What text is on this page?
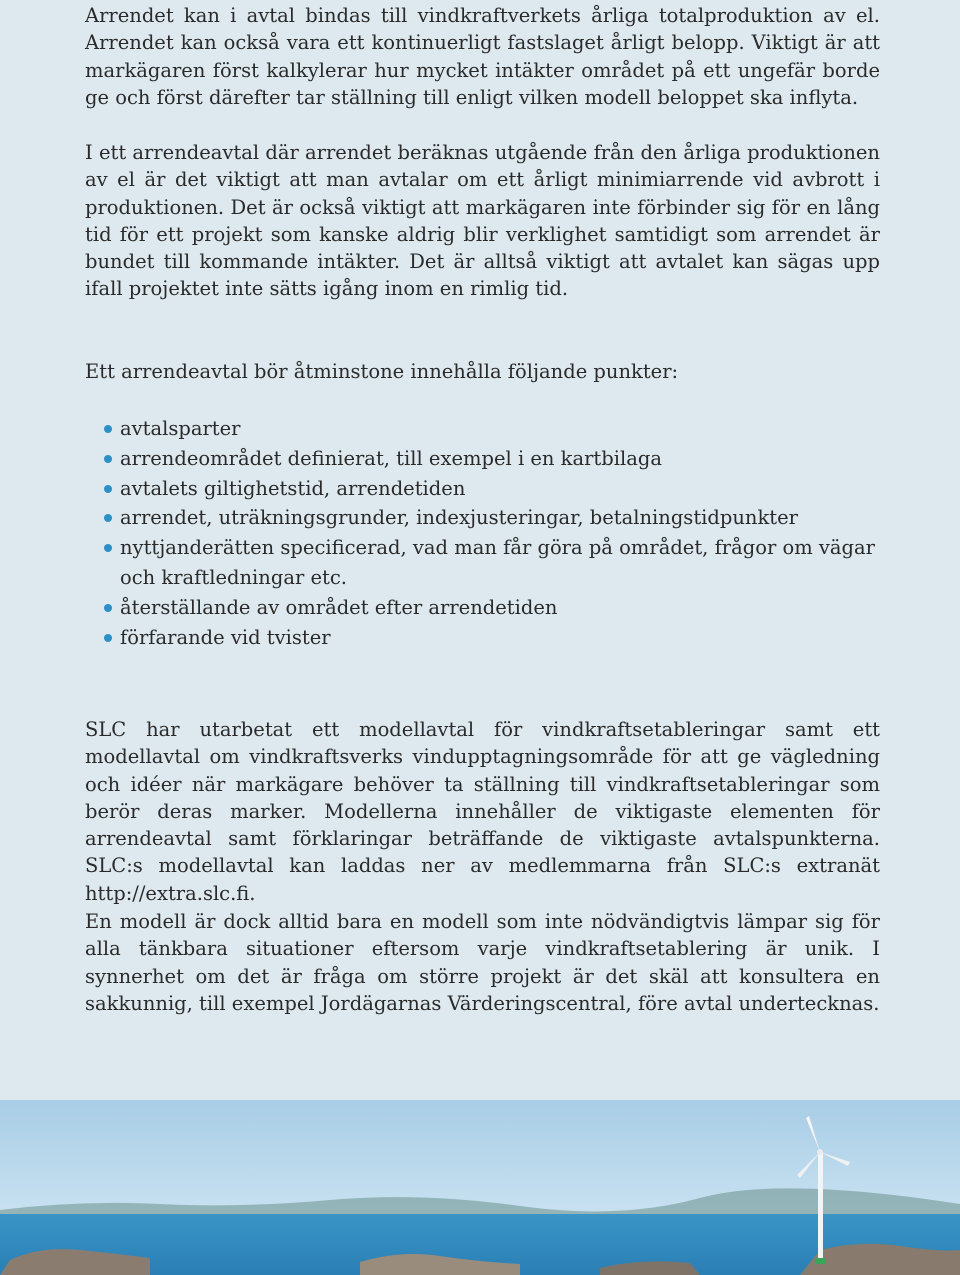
Arrendet kan i avtal bindas till vindkraftverkets årliga totalproduktion av el. Arrendet kan också vara ett kontinuerligt fastslaget årligt belopp. Viktigt är att markägaren först kalkylerar hur mycket intäkter området på ett ungefär borde ge och först därefter tar ställning till enligt vilken modell beloppet ska inflyta.

I ett arrendeavtal där arrendet beräknas utgående från den årliga produktionen av el är det viktigt att man avtalar om ett årligt minimiarrende vid avbrott i produktionen. Det är också viktigt att markägaren inte förbinder sig för en lång tid för ett projekt som kanske aldrig blir verklighet samtidigt som arrendet är bundet till kommande intäkter. Det är alltså viktigt att avtalet kan sägas upp ifall projektet inte sätts igång inom en rimlig tid.

Ett arrendeavtal bör åtminstone innehålla följande punkter:

avtalsparter
arrendeområdet definierat, till exempel i en kartbilaga
avtalets giltighetstid, arrendetiden
arrendet, uträkningsgrunder, indexjusteringar, betalningstidpunkter
nyttjanderätten specificerad, vad man får göra på området, frågor om vägar och kraftledningar etc.
återställande av området efter arrendetiden
förfarande vid tvister

SLC har utarbetat ett modellavtal för vindkraftsetableringar samt ett modellavtal om vindkraftsverks vindupptagningsområde för att ge vägledning och idéer när markägare behöver ta ställning till vindkraftsetableringar som berör deras marker. Modellerna innehåller de viktigaste elementen för arrendeavtal samt förklaringar beträffande de viktigaste avtalspunkterna. SLC:s modellavtal kan laddas ner av medlemmarna från SLC:s extranät http://extra.slc.fi.

En modell är dock alltid bara en modell som inte nödvändigtvis lämpar sig för alla tänkbara situationer eftersom varje vindkraftsetablering är unik. I synnerhet om det är fråga om större projekt är det skäl att konsultera en sakkunnig, till exempel Jordägarnas Värderingscentral, före avtal undertecknas.
